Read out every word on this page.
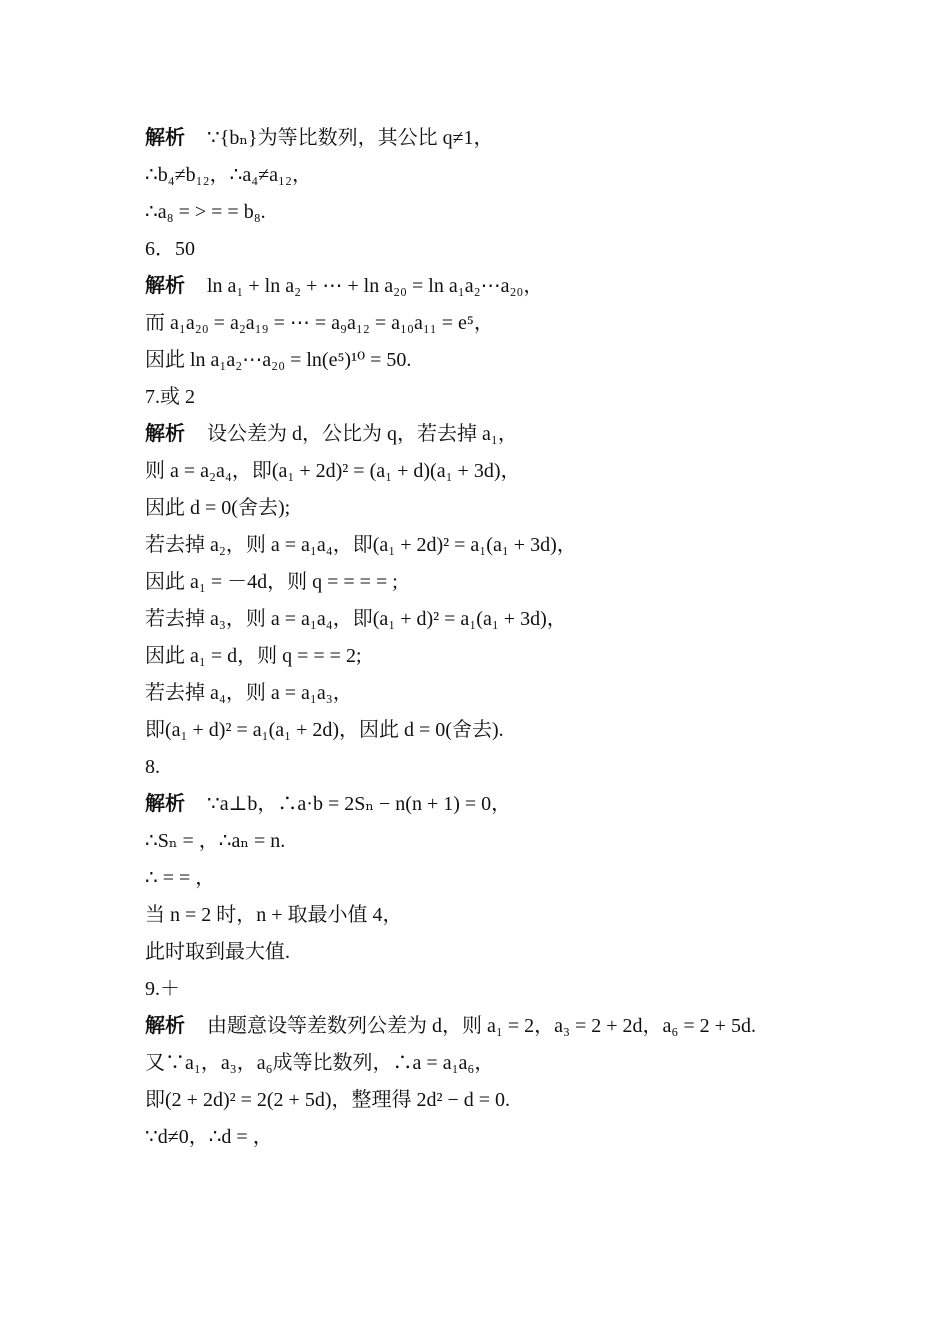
解析 ∵{bₙ}为等比数列，其公比 q≠1，
∴b₄≠b₁₂，∴a₄≠a₁₂，
∴a₈ = > = = b₈.
6．50
解析 ln a₁ + ln a₂ + ⋯ + ln a₂₀ = ln a₁a₂⋯a₂₀，
而 a₁a₂₀ = a₂a₁₉ = ⋯ = a₉a₁₂ = a₁₀a₁₁ = e⁵，
因此 ln a₁a₂⋯a₂₀ = ln(e⁵)¹⁰ = 50.
7.或 2
解析 设公差为 d，公比为 q，若去掉 a₁，
则 a = a₂a₄，即(a₁ + 2d)² = (a₁ + d)(a₁ + 3d)，
因此 d = 0(舍去);
若去掉 a₂，则 a = a₁a₄，即(a₁ + 2d)² = a₁(a₁ + 3d)，
因此 a₁ = －4d，则 q = = = = ;
若去掉 a₃，则 a = a₁a₄，即(a₁ + d)² = a₁(a₁ + 3d)，
因此 a₁ = d，则 q = = = 2;
若去掉 a₄，则 a = a₁a₃，
即(a₁ + d)² = a₁(a₁ + 2d)，因此 d = 0(舍去).
8.
解析 ∵a⊥b，∴a·b = 2Sₙ − n(n + 1) = 0，
∴Sₙ = ，∴aₙ = n.
∴ = = ，
当 n = 2 时，n + 取最小值 4，
此时取到最大值.
9.＋
解析 由题意设等差数列公差为 d，则 a₁ = 2，a₃ = 2 + 2d，a₆ = 2 + 5d.
又∵a₁，a₃，a₆成等比数列，∴a = a₁a₆，
即(2 + 2d)² = 2(2 + 5d)，整理得 2d² − d = 0.
∵d≠0，∴d = ，
